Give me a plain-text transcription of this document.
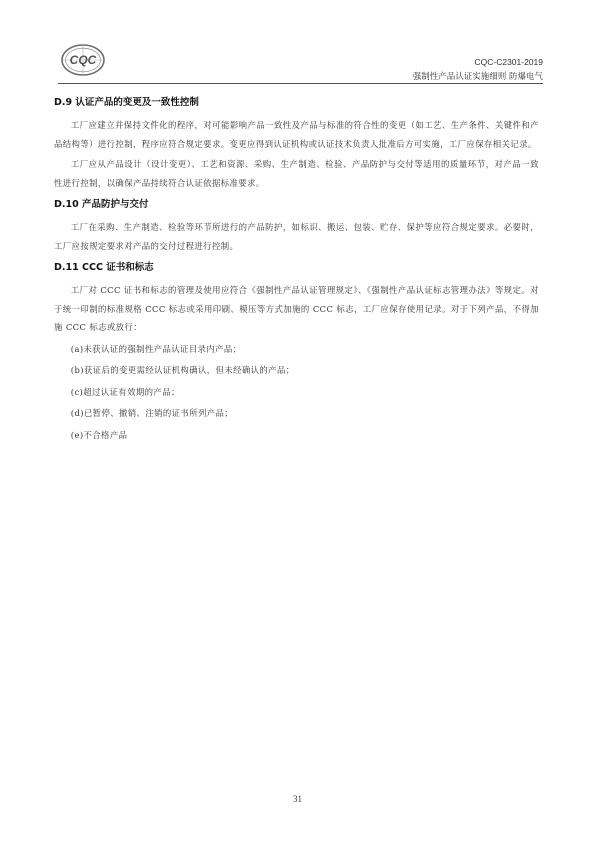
CQC	CQC-C2301-2019
强制性产品认证实施细则 防爆电气
D.9 认证产品的变更及一致性控制

工厂应建立并保持文件化的程序，对可能影响产品一致性及产品与标准的符合性的变更（如工艺、生产条件、关键件和产品结构等）进行控制，程序应符合规定要求。变更应得到认证机构或认证技术负责人批准后方可实施，工厂应保存相关记录。

工厂应从产品设计（设计变更）、工艺和资源、采购、生产制造、检验、产品防护与交付等适用的质量环节，对产品一致性进行控制，以确保产品持续符合认证依据标准要求。

D.10 产品防护与交付

工厂在采购、生产制造、检验等环节所进行的产品防护，如标识、搬运、包装、贮存、保护等应符合规定要求。必要时，工厂应按规定要求对产品的交付过程进行控制。

D.11 CCC 证书和标志

工厂对 CCC 证书和标志的管理及使用应符合《强制性产品认证管理规定》、《强制性产品认证标志管理办法》等规定。对于统一印制的标准规格 CCC 标志或采用印刷、模压等方式加施的 CCC 标志，工厂应保存使用记录。对于下列产品，不得加施 CCC 标志或放行：

(a)未获认证的强制性产品认证目录内产品；
(b)获证后的变更需经认证机构确认，但未经确认的产品；
(c)超过认证有效期的产品；
(d)已暂停、撤销、注销的证书所列产品；
(e)不合格产品
31
